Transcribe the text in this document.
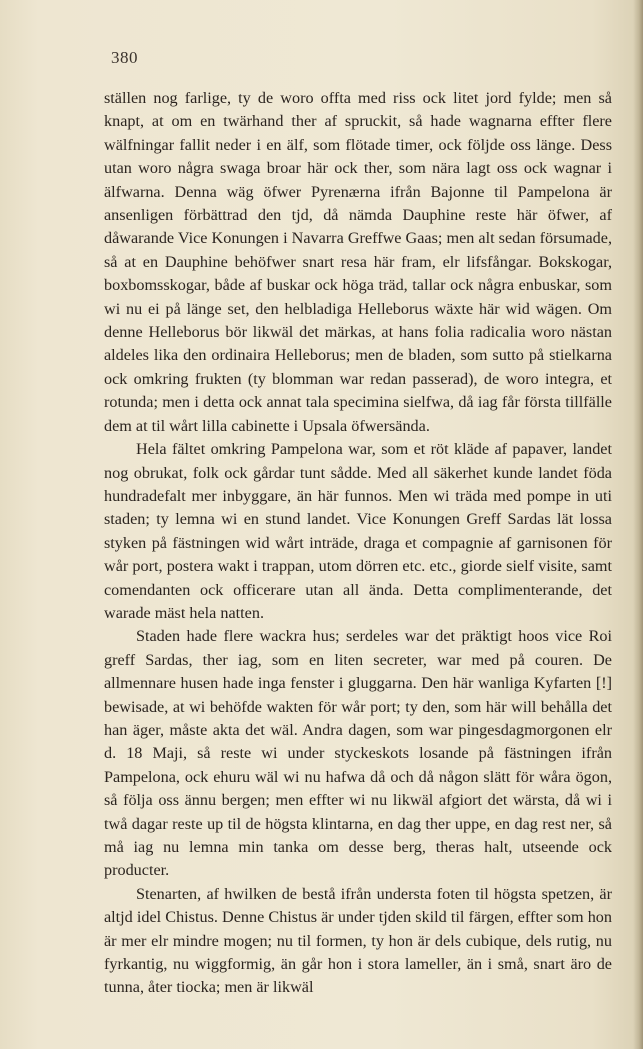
380

ställen nog farlige, ty de woro offta med riss ock litet jord fylde; men så knapt, at om en twärhand ther af spruckit, så hade wagnarna effter flere wälfningar fallit neder i en älf, som flötade timer, ock följde oss länge. Dess utan woro några swaga broar här ock ther, som nära lagt oss ock wagnar i älfwarna. Denna wäg öfwer Pyrenærna ifrån Bajonne til Pampelona är ansenligen förbättrad den tjd, då nämda Dauphine reste här öfwer, af dåwarande Vice Konungen i Navarra Greffwe Gaas; men alt sedan försumade, så at en Dauphine behöfwer snart resa här fram, elr lifsfångar. Bokskogar, boxbomsskogar, både af buskar ock höga träd, tallar ock några enbuskar, som wi nu ei på länge set, den helbladiga Helleborus wäxte här wid wägen. Om denne Helleborus bör likwäl det märkas, at hans folia radicalia woro nästan aldeles lika den ordinaira Helleborus; men de bladen, som sutto på stielkarna ock omkring frukten (ty blomman war redan passerad), de woro integra, et rotunda; men i detta ock annat tala specimina sielfwa, då iag får första tillfälle dem at til wårt lilla cabinette i Upsala öfwersända.

Hela fältet omkring Pampelona war, som et röt kläde af papaver, landet nog obrukat, folk ock gårdar tunt sådde. Med all säkerhet kunde landet föda hundradefalt mer inbyggare, än här funnos. Men wi träda med pompe in uti staden; ty lemna wi en stund landet. Vice Konungen Greff Sardas lät lossa styken på fästningen wid wårt inträde, draga et compagnie af garnisonen för wår port, postera wakt i trappan, utom dörren etc. etc., giorde sielf visite, samt comendanten ock officerare utan all ända. Detta complimenterande, det warade mäst hela natten.

Staden hade flere wackra hus; serdeles war det präktigt hoos vice Roi greff Sardas, ther iag, som en liten secreter, war med på couren. De allmennare husen hade inga fenster i gluggarna. Den här wanliga Kyfarten [!] bewisade, at wi behöfde wakten för wår port; ty den, som här will behålla det han äger, måste akta det wäl. Andra dagen, som war pingesdagmorgonen elr d. 18 Maji, så reste wi under styckeskots losande på fästningen ifrån Pampelona, ock ehuru wäl wi nu hafwa då och då någon slätt för wåra ögon, så följa oss ännu bergen; men effter wi nu likwäl afgiort det wärsta, då wi i twå dagar reste up til de högsta klintarna, en dag ther uppe, en dag rest ner, så må iag nu lemna min tanka om desse berg, theras halt, utseende ock producter.

Stenarten, af hwilken de bestå ifrån understa foten til högsta spetzen, är altjd idel Chistus. Denne Chistus är under tjden skild til färgen, effter som hon är mer elr mindre mogen; nu til formen, ty hon är dels cubique, dels rutig, nu fyrkantig, nu wiggformig, än går hon i stora lameller, än i små, snart äro de tunna, åter tiocka; men är likwäl
